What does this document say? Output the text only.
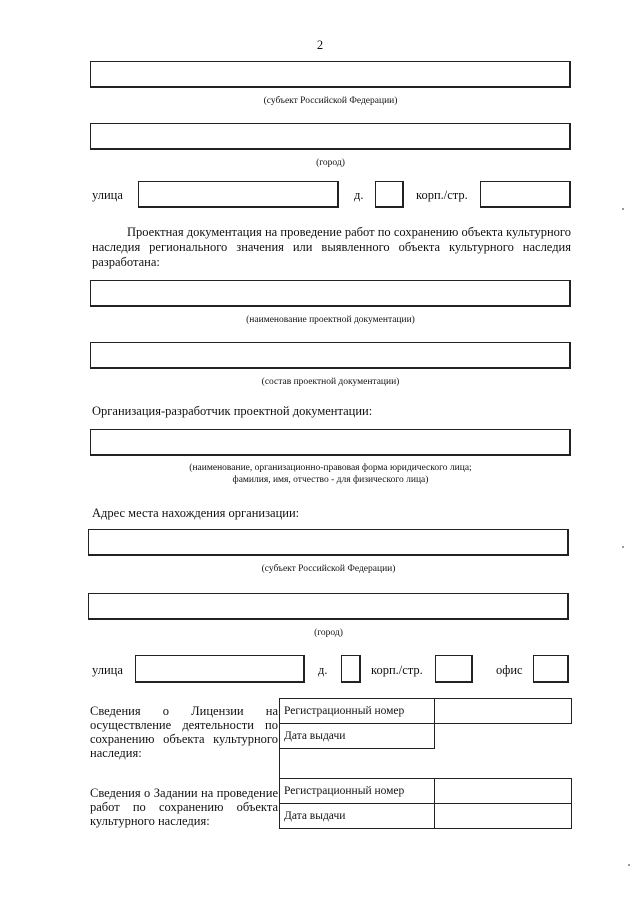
2
(субъект Российской Федерации)
(город)
улица	д.	корп./стр.
Проектная документация на проведение работ по сохранению объекта культурного наследия регионального значения или выявленного объекта культурного наследия разработана:
(наименование проектной документации)
(состав проектной документации)
Организация-разработчик проектной документации:
(наименование, организационно-правовая форма юридического лица;
фамилия, имя, отчество - для физического лица)
Адрес места нахождения организации:
(субъект Российской Федерации)
(город)
улица	д.	корп./стр.	офис
Сведения о Лицензии на осуществление деятельности по сохранению объекта культурного наследия:
Регистрационный номер	
Дата выдачи	
Сведения о Задании на проведение работ по сохранению объекта культурного наследия:
Регистрационный номер	
Дата выдачи	
